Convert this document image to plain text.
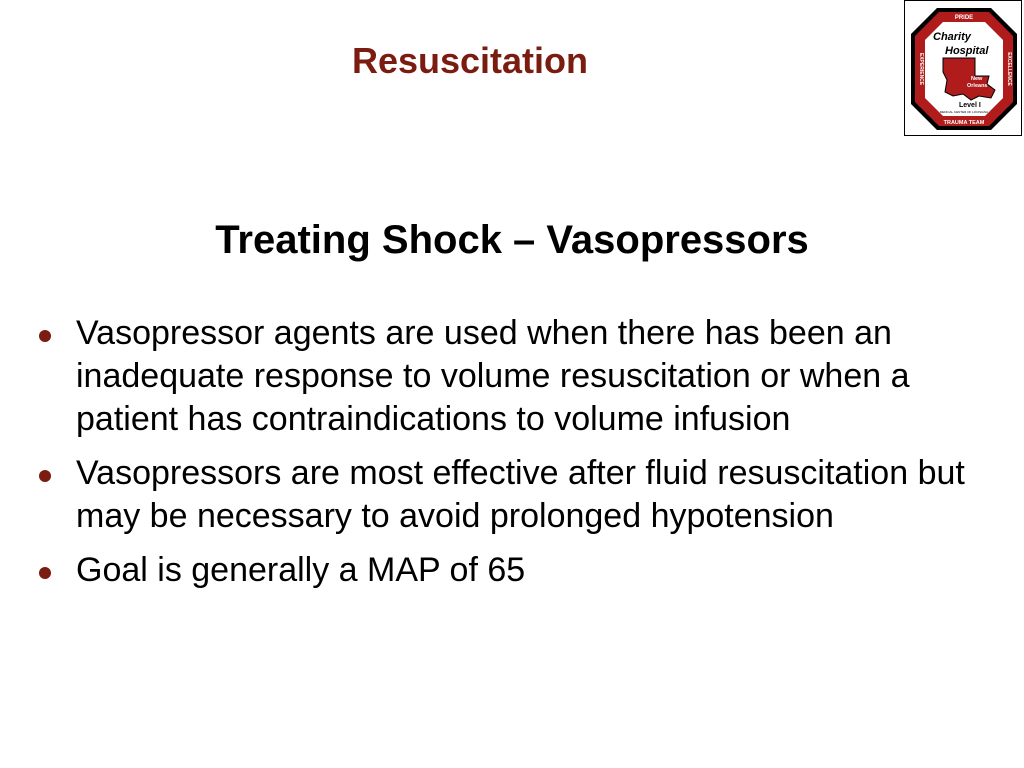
Resuscitation
PRIDE
TRAUMA TEAM
EXPERIENCE	EXCELLENCE
Charity
Hospital
New
Orleans
Level I
MEDICAL CENTER OF LOUISIANA
Treating Shock – Vasopressors
Vasopressor agents are used when there has been an inadequate response to volume resuscitation or when a patient has contraindications to volume infusion
Vasopressors are most effective after fluid resuscitation but may be necessary to avoid prolonged hypotension
Goal is generally a MAP of 65
